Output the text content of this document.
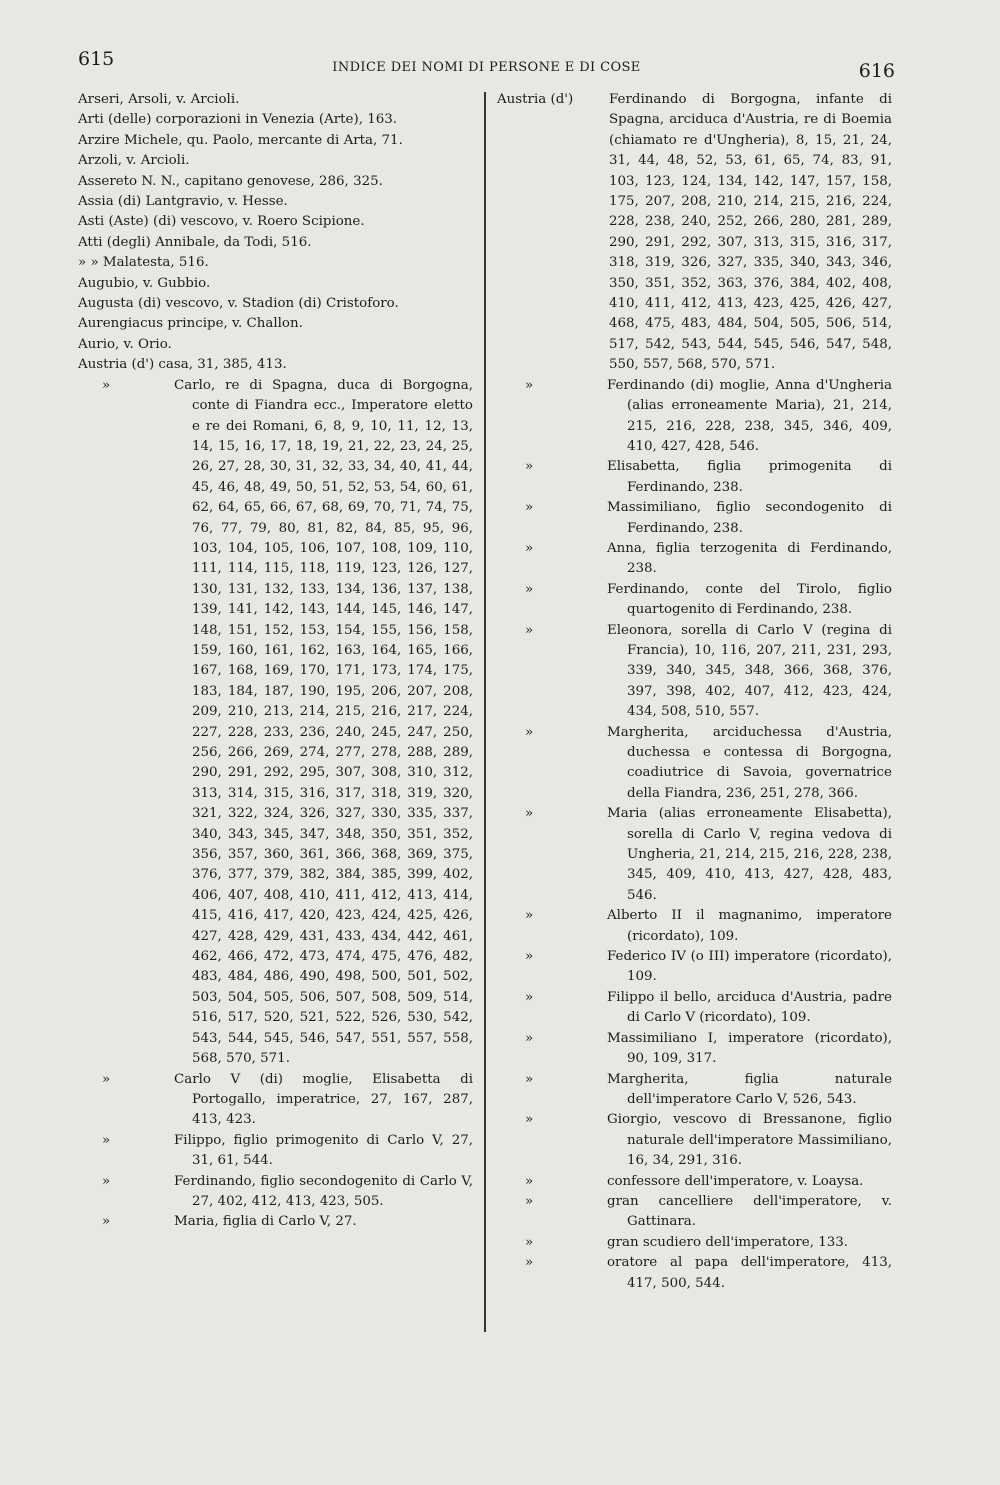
615	INDICE DEI NOMI DI PERSONE E DI COSE	616

Arseri, Arsoli, v. Arcioli.

Arti (delle) corporazioni in Venezia (Arte), 163.

Arzire Michele, qu. Paolo, mercante di Arta, 71.

Arzoli, v. Arcioli.

Assereto N. N., capitano genovese, 286, 325.

Assia (di) Lantgravio, v. Hesse.

Asti (Aste) (di) vescovo, v. Roero Scipione.

Atti (degli) Annibale, da Todi, 516.

» » Malatesta, 516.

Augubio, v. Gubbio.

Augusta (di) vescovo, v. Stadion (di) Cristoforo.

Aurengiacus principe, v. Challon.

Aurio, v. Orio.

Austria (d') casa, 31, 385, 413.

»	Carlo, re di Spagna, duca di Borgogna, conte di Fiandra ecc., Imperatore eletto e re dei Romani, 6, 8, 9, 10, 11, 12, 13, 14, 15, 16, 17, 18, 19, 21, 22, 23, 24, 25, 26, 27, 28, 30, 31, 32, 33, 34, 40, 41, 44, 45, 46, 48, 49, 50, 51, 52, 53, 54, 60, 61, 62, 64, 65, 66, 67, 68, 69, 70, 71, 74, 75, 76, 77, 79, 80, 81, 82, 84, 85, 95, 96, 103, 104, 105, 106, 107, 108, 109, 110, 111, 114, 115, 118, 119, 123, 126, 127, 130, 131, 132, 133, 134, 136, 137, 138, 139, 141, 142, 143, 144, 145, 146, 147, 148, 151, 152, 153, 154, 155, 156, 158, 159, 160, 161, 162, 163, 164, 165, 166, 167, 168, 169, 170, 171, 173, 174, 175, 183, 184, 187, 190, 195, 206, 207, 208, 209, 210, 213, 214, 215, 216, 217, 224, 227, 228, 233, 236, 240, 245, 247, 250, 256, 266, 269, 274, 277, 278, 288, 289, 290, 291, 292, 295, 307, 308, 310, 312, 313, 314, 315, 316, 317, 318, 319, 320, 321, 322, 324, 326, 327, 330, 335, 337, 340, 343, 345, 347, 348, 350, 351, 352, 356, 357, 360, 361, 366, 368, 369, 375, 376, 377, 379, 382, 384, 385, 399, 402, 406, 407, 408, 410, 411, 412, 413, 414, 415, 416, 417, 420, 423, 424, 425, 426, 427, 428, 429, 431, 433, 434, 442, 461, 462, 466, 472, 473, 474, 475, 476, 482, 483, 484, 486, 490, 498, 500, 501, 502, 503, 504, 505, 506, 507, 508, 509, 514, 516, 517, 520, 521, 522, 526, 530, 542, 543, 544, 545, 546, 547, 551, 557, 558, 568, 570, 571.

»	Carlo V (di) moglie, Elisabetta di Portogallo, imperatrice, 27, 167, 287, 413, 423.

»	Filippo, figlio primogenito di Carlo V, 27, 31, 61, 544.

»	Ferdinando, figlio secondogenito di Carlo V, 27, 402, 412, 413, 423, 505.

»	Maria, figlia di Carlo V, 27.

Austria (d')	Ferdinando di Borgogna, infante di Spagna, arciduca d'Austria, re di Boemia (chiamato re d'Ungheria), 8, 15, 21, 24, 31, 44, 48, 52, 53, 61, 65, 74, 83, 91, 103, 123, 124, 134, 142, 147, 157, 158, 175, 207, 208, 210, 214, 215, 216, 224, 228, 238, 240, 252, 266, 280, 281, 289, 290, 291, 292, 307, 313, 315, 316, 317, 318, 319, 326, 327, 335, 340, 343, 346, 350, 351, 352, 363, 376, 384, 402, 408, 410, 411, 412, 413, 423, 425, 426, 427, 468, 475, 483, 484, 504, 505, 506, 514, 517, 542, 543, 544, 545, 546, 547, 548, 550, 557, 568, 570, 571.

»	Ferdinando (di) moglie, Anna d'Ungheria (alias erroneamente Maria), 21, 214, 215, 216, 228, 238, 345, 346, 409, 410, 427, 428, 546.

»	Elisabetta, figlia primogenita di Ferdinando, 238.

»	Massimiliano, figlio secondogenito di Ferdinando, 238.

»	Anna, figlia terzogenita di Ferdinando, 238.

»	Ferdinando, conte del Tirolo, figlio quartogenito di Ferdinando, 238.

»	Eleonora, sorella di Carlo V (regina di Francia), 10, 116, 207, 211, 231, 293, 339, 340, 345, 348, 366, 368, 376, 397, 398, 402, 407, 412, 423, 424, 434, 508, 510, 557.

»	Margherita, arciduchessa d'Austria, duchessa e contessa di Borgogna, coadiutrice di Savoia, governatrice della Fiandra, 236, 251, 278, 366.

»	Maria (alias erroneamente Elisabetta), sorella di Carlo V, regina vedova di Ungheria, 21, 214, 215, 216, 228, 238, 345, 409, 410, 413, 427, 428, 483, 546.

»	Alberto II il magnanimo, imperatore (ricordato), 109.

»	Federico IV (o III) imperatore (ricordato), 109.

»	Filippo il bello, arciduca d'Austria, padre di Carlo V (ricordato), 109.

»	Massimiliano I, imperatore (ricordato), 90, 109, 317.

»	Margherita, figlia naturale dell'imperatore Carlo V, 526, 543.

»	Giorgio, vescovo di Bressanone, figlio naturale dell'imperatore Massimiliano, 16, 34, 291, 316.

»	confessore dell'imperatore, v. Loaysa.

»	gran cancelliere dell'imperatore, v. Gattinara.

»	gran scudiero dell'imperatore, 133.

»	oratore al papa dell'imperatore, 413, 417, 500, 544.
